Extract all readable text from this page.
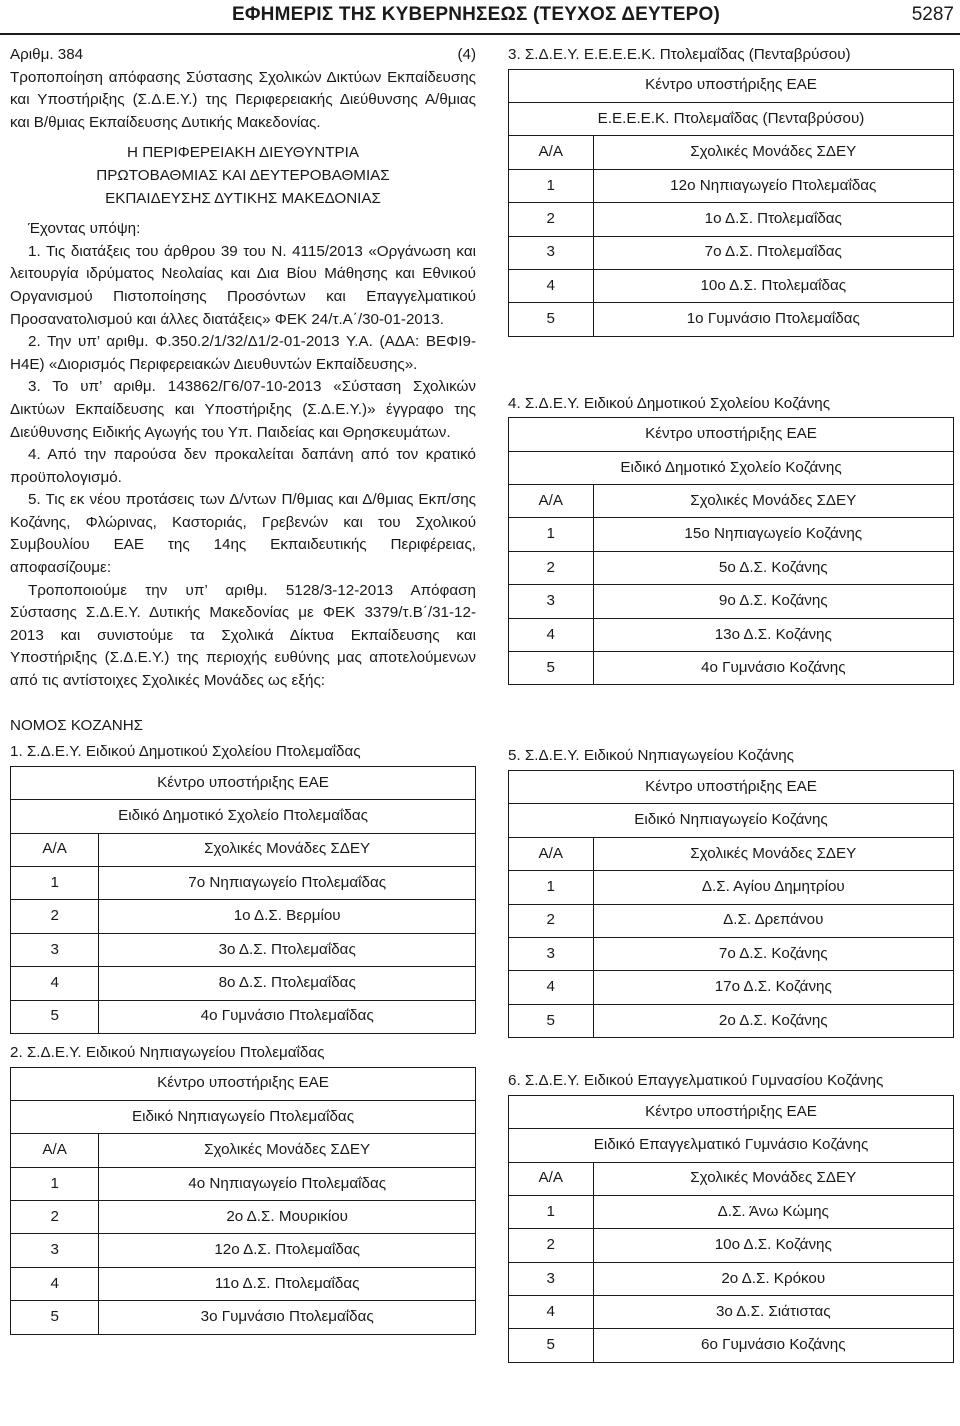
ΕΦΗΜΕΡΙΣ ΤΗΣ ΚΥΒΕΡΝΗΣΕΩΣ (ΤΕΥΧΟΣ ΔΕΥΤΕΡΟ)	5287
Αριθμ. 384	(4)

Τροποποίηση απόφασης Σύστασης Σχολικών Δικτύων Εκπαίδευσης και Υποστήριξης (Σ.Δ.Ε.Υ.) της Περιφερειακής Διεύθυνσης Α/θμιας και Β/θμιας Εκπαίδευσης Δυτικής Μακεδονίας.

Η ΠΕΡΙΦΕΡΕΙΑΚΗ ΔΙΕΥΘΥΝΤΡΙΑ

ΠΡΩΤΟΒΑΘΜΙΑΣ ΚΑΙ ΔΕΥΤΕΡΟΒΑΘΜΙΑΣ

ΕΚΠΑΙΔΕΥΣΗΣ ΔΥΤΙΚΗΣ ΜΑΚΕΔΟΝΙΑΣ

Έχοντας υπόψη:

1. Τις διατάξεις του άρθρου 39 του Ν. 4115/2013 «Οργάνωση και λειτουργία ιδρύματος Νεολαίας και Δια Βίου Μάθησης και Εθνικού Οργανισμού Πιστοποίησης Προσόντων και Επαγγελματικού Προσανατολισμού και άλλες διατάξεις» ΦΕΚ 24/τ.Α΄/30-01-2013.

2. Την υπ’ αριθμ. Φ.350.2/1/32/Δ1/2-01-2013 Υ.Α. (ΑΔΑ: ΒΕΦΙ9-Η4Ε) «Διορισμός Περιφερειακών Διευθυντών Εκπαίδευσης».

3. Το υπ’ αριθμ. 143862/Γ6/07-10-2013 «Σύσταση Σχολικών Δικτύων Εκπαίδευσης και Υποστήριξης (Σ.Δ.Ε.Υ.)» έγγραφο της Διεύθυνσης Ειδικής Αγωγής του Υπ. Παιδείας και Θρησκευμάτων.

4. Από την παρούσα δεν προκαλείται δαπάνη από τον κρατικό προϋπολογισμό.

5. Τις εκ νέου προτάσεις των Δ/ντων Π/θμιας και Δ/θμιας Εκπ/σης Κοζάνης, Φλώρινας, Καστοριάς, Γρεβενών και του Σχολικού Συμβουλίου ΕΑΕ της 14ης Εκπαιδευτικής Περιφέρειας, αποφασίζουμε:

Τροποποιούμε την υπ’ αριθμ. 5128/3-12-2013 Απόφαση Σύστασης Σ.Δ.Ε.Υ. Δυτικής Μακεδονίας με ΦΕΚ 3379/τ.Β΄/31-12-2013 και συνιστούμε τα Σχολικά Δίκτυα Εκπαίδευσης και Υποστήριξης (Σ.Δ.Ε.Υ.) της περιοχής ευθύνης μας αποτελούμενων από τις αντίστοιχες Σχολικές Μονάδες ως εξής:

ΝΟΜΟΣ ΚΟΖΑΝΗΣ

1. Σ.Δ.Ε.Υ. Ειδικού Δημοτικού Σχολείου Πτολεμαΐδας

Κέντρο υποστήριξης ΕΑΕ	
Ειδικό Δημοτικό Σχολείο Πτολεμαΐδας	
Α/Α	Σχολικές Μονάδες ΣΔΕΥ
1	7ο Νηπιαγωγείο Πτολεμαΐδας
2	1ο Δ.Σ. Βερμίου
3	3ο Δ.Σ. Πτολεμαΐδας
4	8ο Δ.Σ. Πτολεμαΐδας
5	4ο Γυμνάσιο Πτολεμαΐδας

2. Σ.Δ.Ε.Υ. Ειδικού Νηπιαγωγείου Πτολεμαΐδας

Κέντρο υποστήριξης ΕΑΕ	
Ειδικό Νηπιαγωγείο Πτολεμαΐδας	
Α/Α	Σχολικές Μονάδες ΣΔΕΥ
1	4ο Νηπιαγωγείο Πτολεμαΐδας
2	2ο Δ.Σ. Μουρικίου
3	12ο Δ.Σ. Πτολεμαΐδας
4	11ο Δ.Σ. Πτολεμαΐδας
5	3ο Γυμνάσιο Πτολεμαΐδας

3. Σ.Δ.Ε.Υ. Ε.Ε.Ε.Ε.Κ. Πτολεμαΐδας (Πενταβρύσου)

Κέντρο υποστήριξης ΕΑΕ	
Ε.Ε.Ε.Ε.Κ. Πτολεμαΐδας (Πενταβρύσου)	
Α/Α	Σχολικές Μονάδες ΣΔΕΥ
1	12ο Νηπιαγωγείο Πτολεμαΐδας
2	1ο Δ.Σ. Πτολεμαΐδας
3	7ο Δ.Σ. Πτολεμαΐδας
4	10ο Δ.Σ. Πτολεμαΐδας
5	1ο Γυμνάσιο Πτολεμαΐδας

4. Σ.Δ.Ε.Υ. Ειδικού Δημοτικού Σχολείου Κοζάνης

Κέντρο υποστήριξης ΕΑΕ	
Ειδικό Δημοτικό Σχολείο Κοζάνης	
Α/Α	Σχολικές Μονάδες ΣΔΕΥ
1	15ο Νηπιαγωγείο Κοζάνης
2	5ο Δ.Σ. Κοζάνης
3	9ο Δ.Σ. Κοζάνης
4	13ο Δ.Σ. Κοζάνης
5	4ο Γυμνάσιο Κοζάνης

5. Σ.Δ.Ε.Υ. Ειδικού Νηπιαγωγείου Κοζάνης

Κέντρο υποστήριξης ΕΑΕ	
Ειδικό Νηπιαγωγείο Κοζάνης	
Α/Α	Σχολικές Μονάδες ΣΔΕΥ
1	Δ.Σ. Αγίου Δημητρίου
2	Δ.Σ. Δρεπάνου
3	7ο Δ.Σ. Κοζάνης
4	17ο Δ.Σ. Κοζάνης
5	2ο Δ.Σ. Κοζάνης

6. Σ.Δ.Ε.Υ. Ειδικού Επαγγελματικού Γυμνασίου Κοζάνης

Κέντρο υποστήριξης ΕΑΕ	
Ειδικό Επαγγελματικό Γυμνάσιο Κοζάνης	
Α/Α	Σχολικές Μονάδες ΣΔΕΥ
1	Δ.Σ. Άνω Κώμης
2	10ο Δ.Σ. Κοζάνης
3	2ο Δ.Σ. Κρόκου
4	3ο Δ.Σ. Σιάτιστας
5	6ο Γυμνάσιο Κοζάνης
